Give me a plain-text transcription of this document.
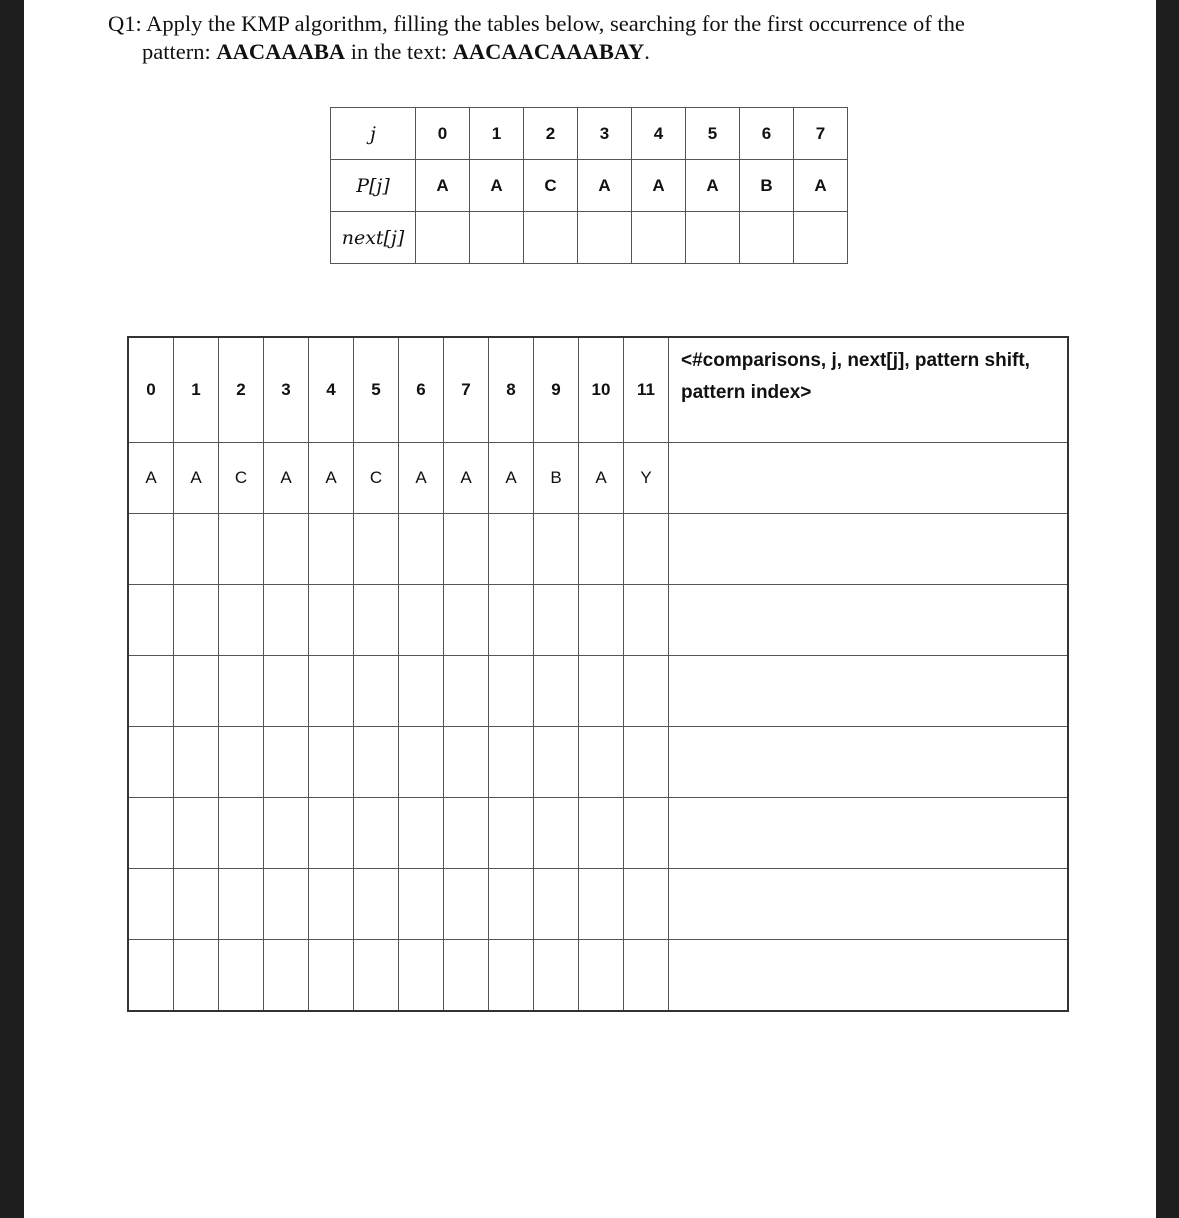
Q1: Apply the KMP algorithm, filling the tables below, searching for the first occurrence of the
pattern: AACAAABA in the text: AACAACAAABAY.
j	0	1	2	3	4	5	6	7
P[j]	A	A	C	A	A	A	B	A
next[j]								
0	1	2	3	4	5	6	7	8	9	10	11	<#comparisons, j, next[j], pattern shift, pattern index>
A	A	C	A	A	C	A	A	A	B	A	Y	
